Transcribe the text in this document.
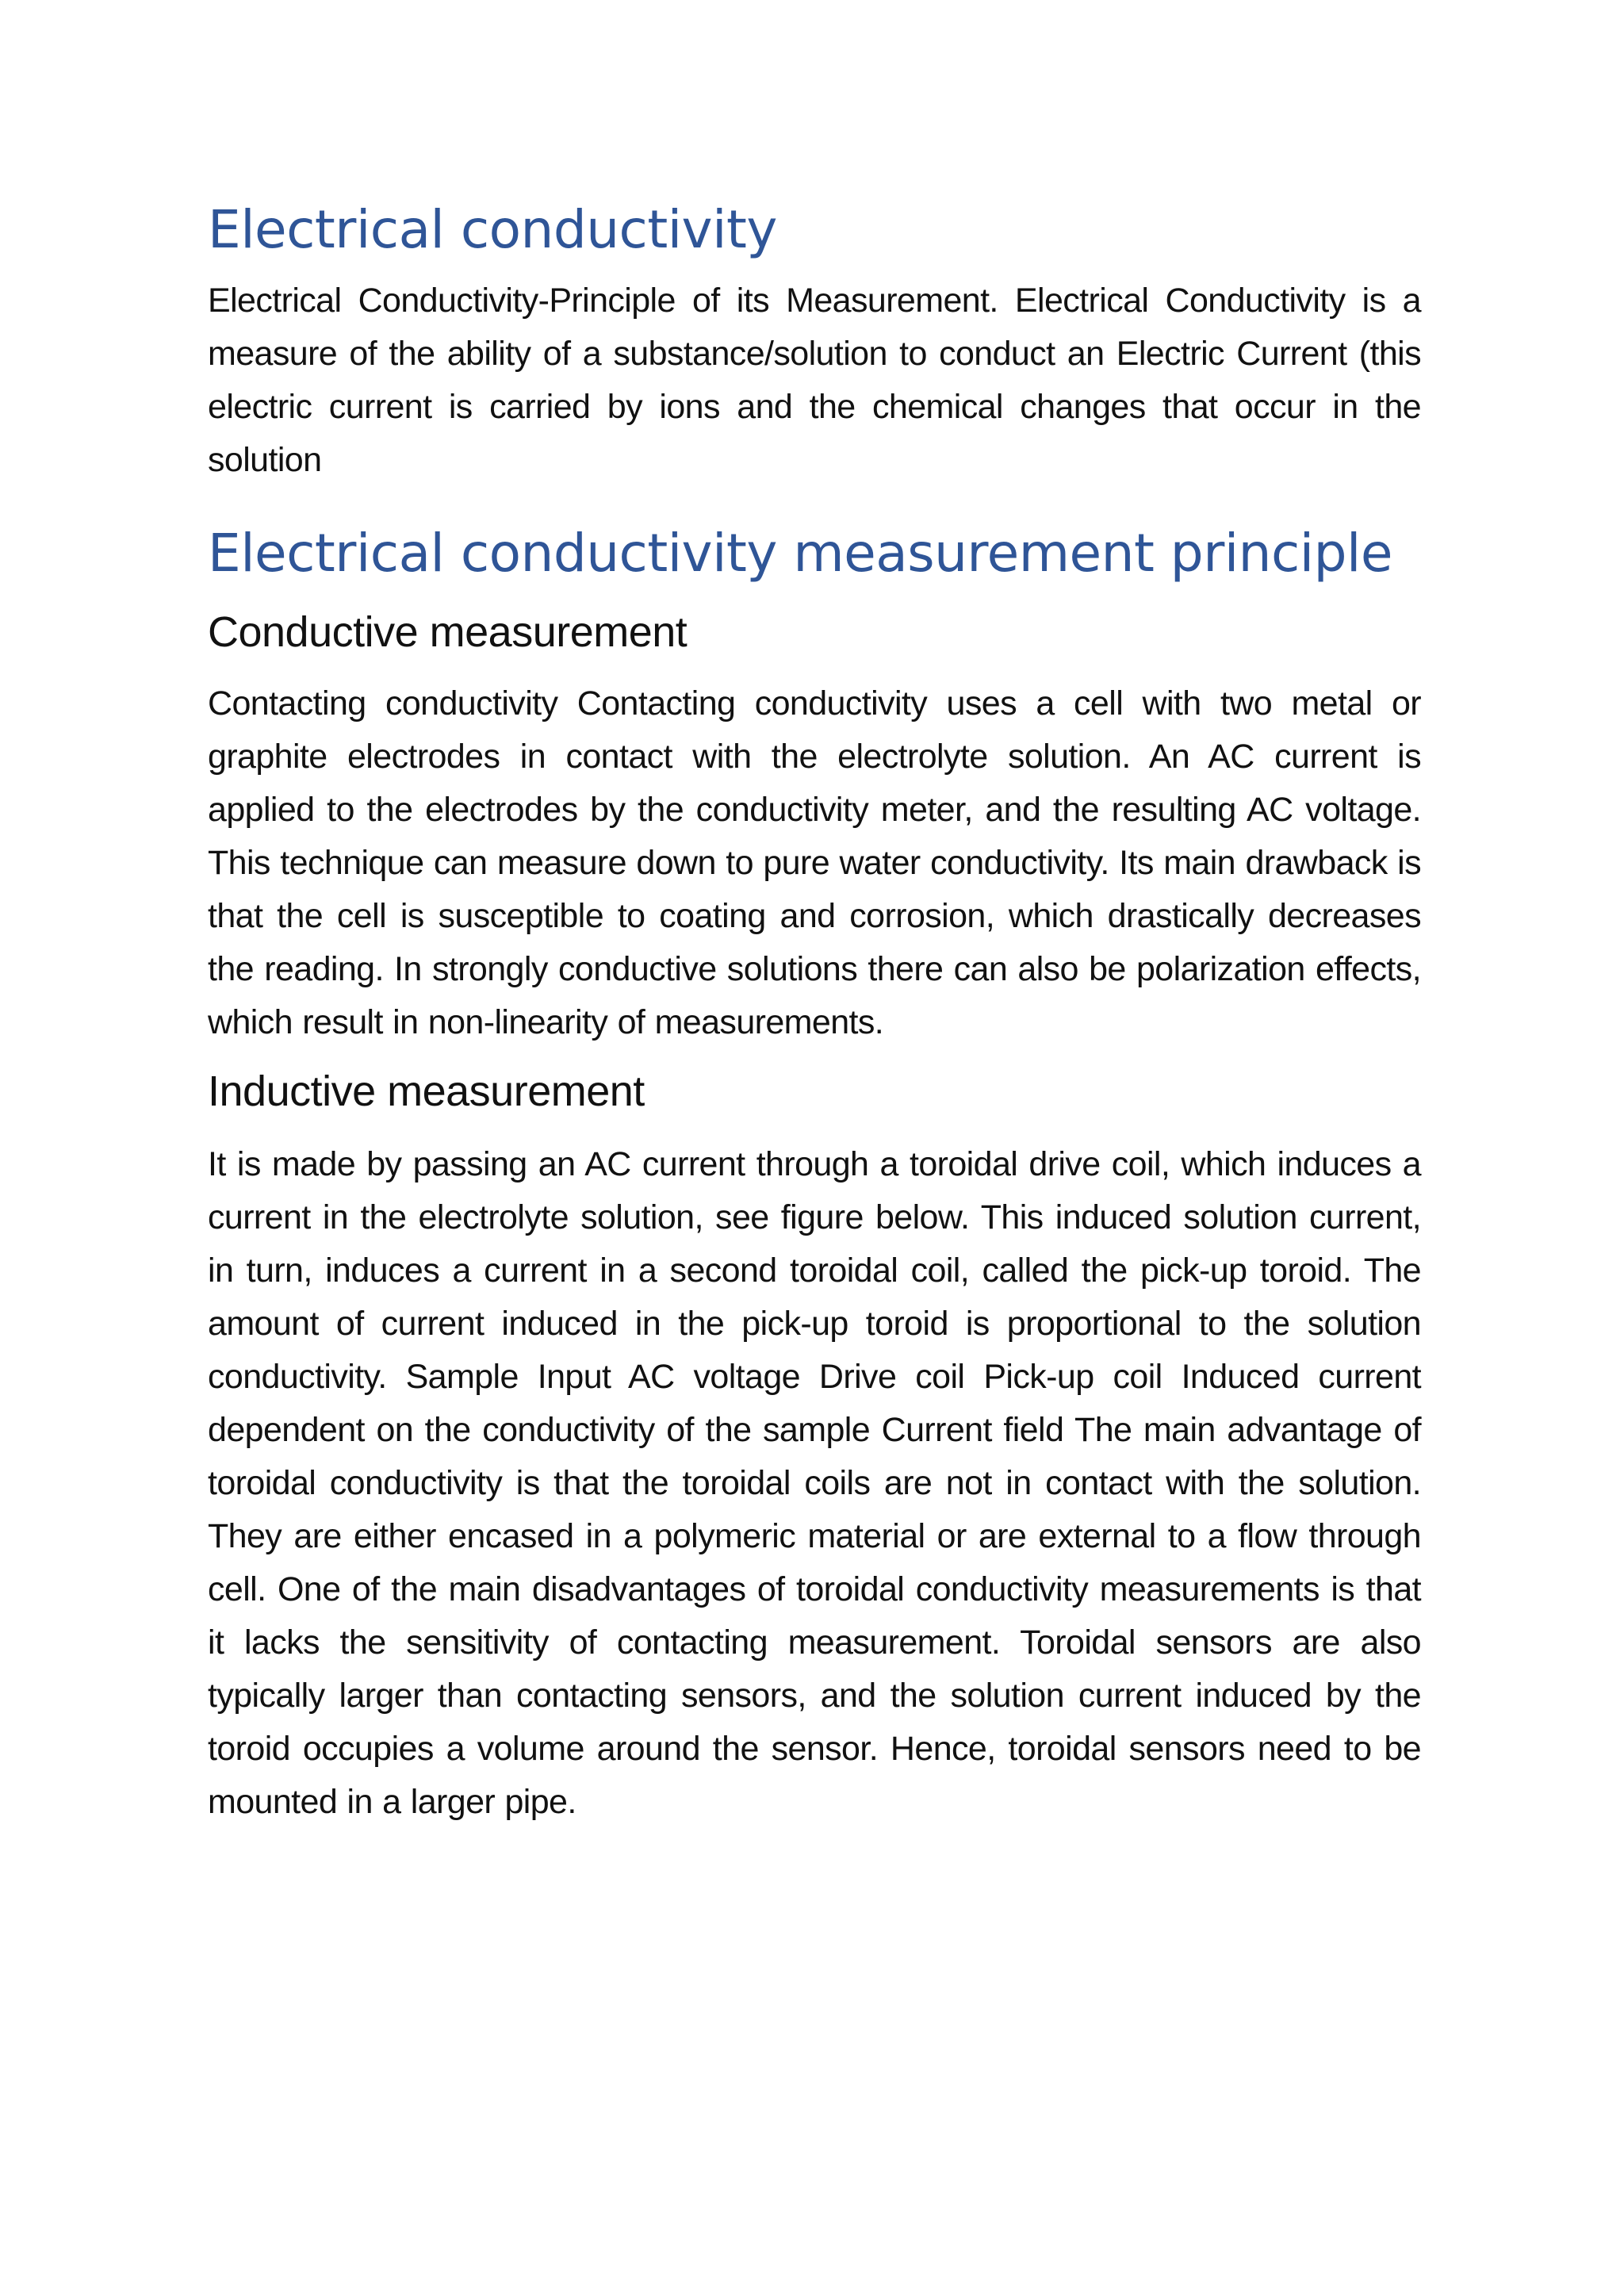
Electrical conductivity

Electrical Conductivity-Principle of its Measurement. Electrical Conductivity is a measure of the ability of a substance/solution to conduct an Electric Current (this electric current is carried by ions and the chemical changes that occur in the solution

Electrical conductivity measurement principle
Conductive measurement

Contacting conductivity Contacting conductivity uses a cell with two metal or graphite electrodes in contact with the electrolyte solution. An AC current is applied to the electrodes by the conductivity meter, and the resulting AC voltage. This technique can measure down to pure water conductivity. Its main drawback is that the cell is susceptible to coating and corrosion, which drastically decreases the reading. In strongly conductive solutions there can also be polarization effects, which result in non-linearity of measurements.

Inductive measurement

It is made by passing an AC current through a toroidal drive coil, which induces a current in the electrolyte solution, see figure below. This induced solution current, in turn, induces a current in a second toroidal coil, called the pick-up toroid. The amount of current induced in the pick-up toroid is proportional to the solution conductivity. Sample Input AC voltage Drive coil Pick-up coil Induced current dependent on the conductivity of the sample Current field The main advantage of toroidal conductivity is that the toroidal coils are not in contact with the solution. They are either encased in a polymeric material or are external to a flow through cell. One of the main disadvantages of toroidal conductivity measurements is that it lacks the sensitivity of contacting measurement. Toroidal sensors are also typically larger than contacting sensors, and the solution current induced by the toroid occupies a volume around the sensor. Hence, toroidal sensors need to be mounted in a larger pipe.
